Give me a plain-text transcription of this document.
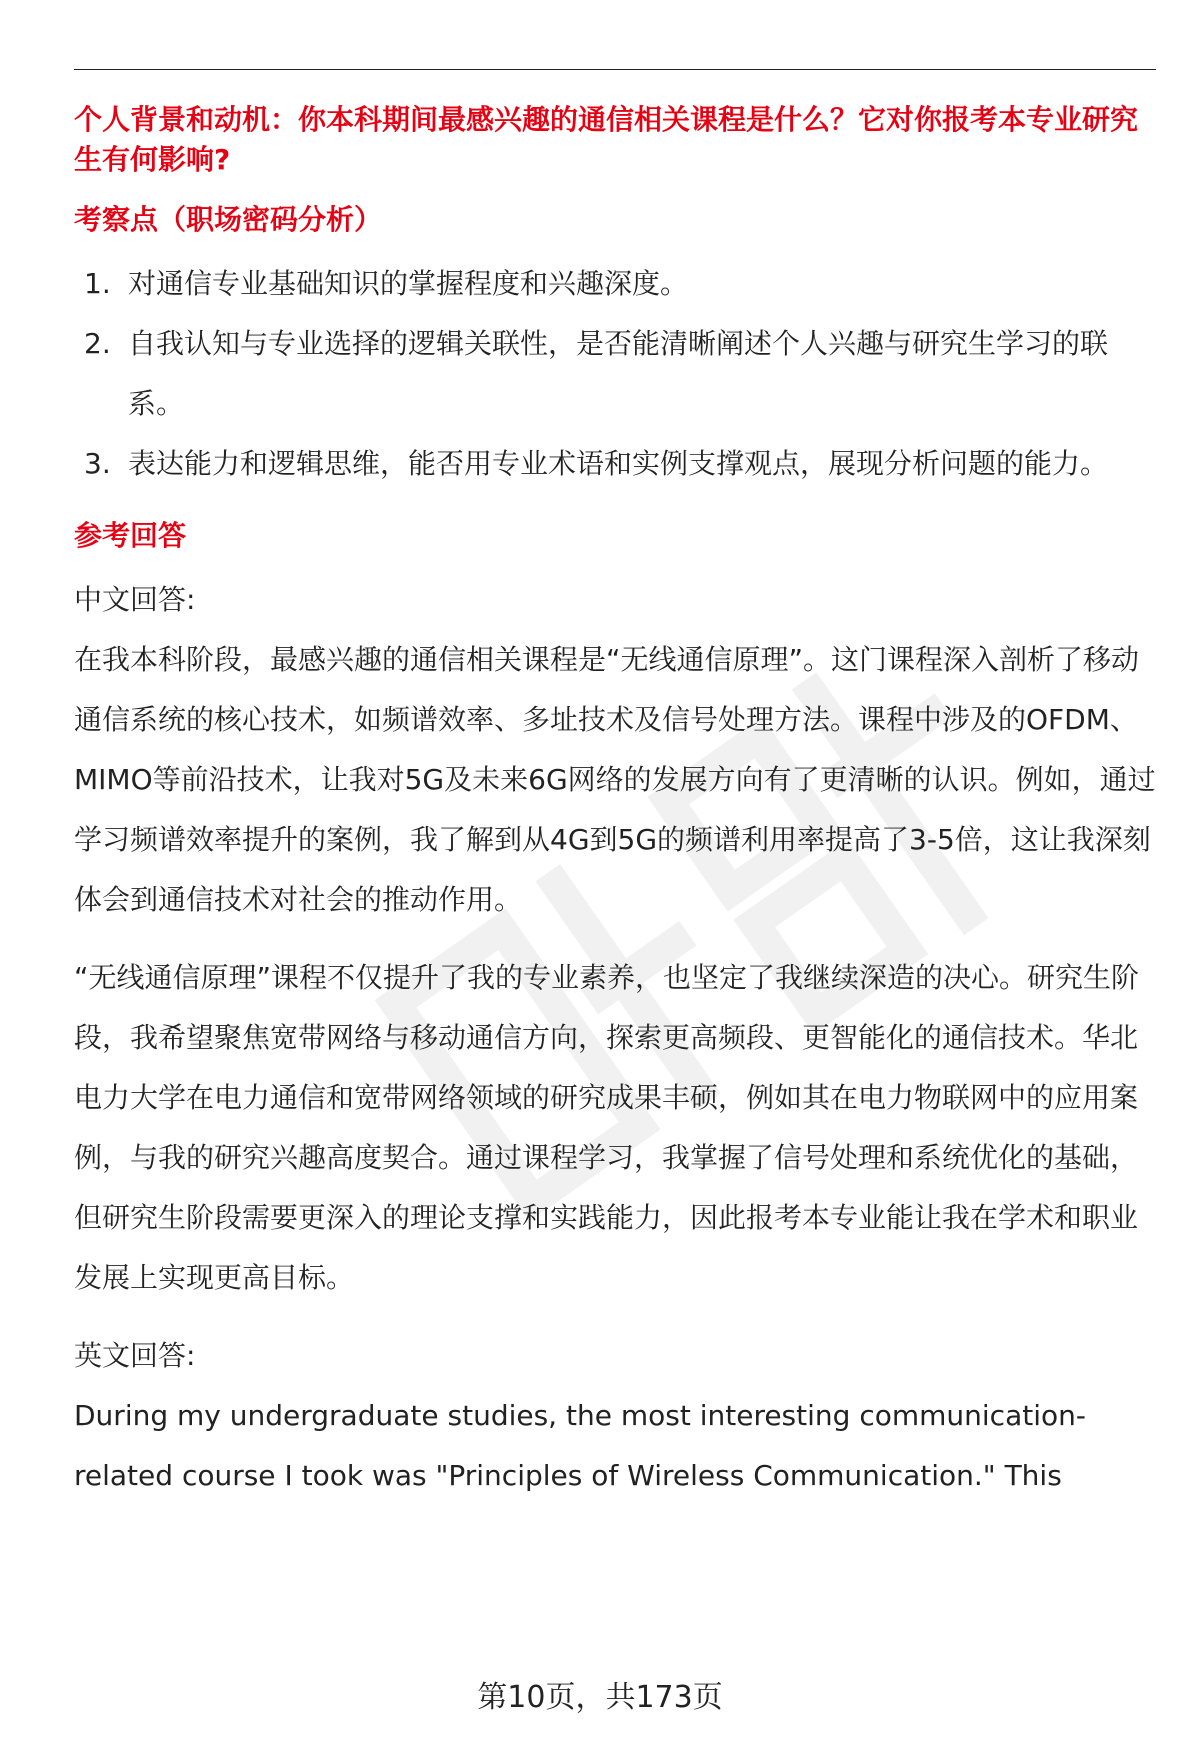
个人背景和动机：你本科期间最感兴趣的通信相关课程是什么？它对你报考本专业研究生有何影响?

考察点（职场密码分析）

1. 对通信专业基础知识的掌握程度和兴趣深度。
2. 自我认知与专业选择的逻辑关联性，是否能清晰阐述个人兴趣与研究生学习的联系。
3. 表达能力和逻辑思维，能否用专业术语和实例支撑观点，展现分析问题的能力。

参考回答

中文回答:

在我本科阶段，最感兴趣的通信相关课程是“无线通信原理”。这门课程深入剖析了移动通信系统的核心技术，如频谱效率、多址技术及信号处理方法。课程中涉及的OFDM、MIMO等前沿技术，让我对5G及未来6G网络的发展方向有了更清晰的认识。例如，通过学习频谱效率提升的案例，我了解到从4G到5G的频谱利用率提高了3-5倍，这让我深刻体会到通信技术对社会的推动作用。

“无线通信原理”课程不仅提升了我的专业素养，也坚定了我继续深造的决心。研究生阶段，我希望聚焦宽带网络与移动通信方向，探索更高频段、更智能化的通信技术。华北电力大学在电力通信和宽带网络领域的研究成果丰硕，例如其在电力物联网中的应用案例，与我的研究兴趣高度契合。通过课程学习，我掌握了信号处理和系统优化的基础，但研究生阶段需要更深入的理论支撑和实践能力，因此报考本专业能让我在学术和职业发展上实现更高目标。

英文回答:

During my undergraduate studies, the most interesting communication-related course I took was "Principles of Wireless Communication." This

第10页，共173页
